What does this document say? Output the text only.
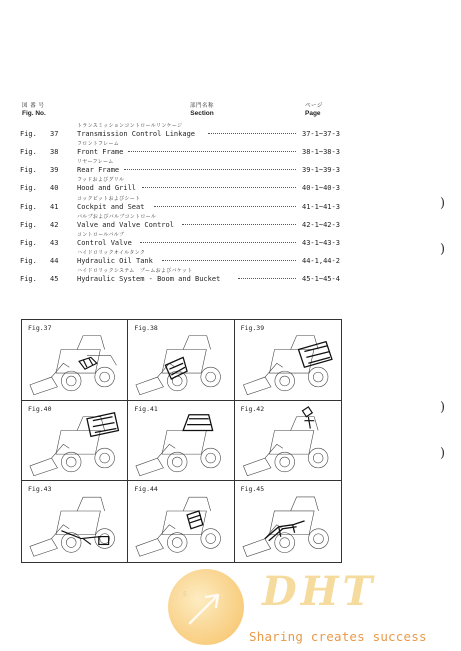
図 番 号
Fig. No.
部門名称
Section
ページ
Page
Fig. 37
トランスミッションコントロールリンケージ
Transmission Control Linkage	37-1~37-3
Fig. 38
フロントフレーム
Front Frame	38-1~38-3
Fig. 39
リヤーフレーム
Rear Frame	39-1~39-3
Fig. 40
フッドおよびグリル
Hood and Grill	40-1~40-3
Fig. 41
コックピットおよびシート
Cockpit and Seat	41-1~41-3
Fig. 42
バルブおよびバルブコントロール
Valve and Valve Control	42-1~42-3
Fig. 43
コントロールバルブ
Control Valve	43-1~43-3
Fig. 44
ハイドロリックオイルタンク
Hydraulic Oil Tank	44-1,44-2
Fig. 45
ハイドロリックシステム　ブームおよびバケット
Hydraulic System - Boom and Bucket	45-1~45-4
)
)
)
)
Fig.37	Fig.38	Fig.39
Fig.40	Fig.41	Fig.42
Fig.43	Fig.44	Fig.45
DHT
Sharing creates success
